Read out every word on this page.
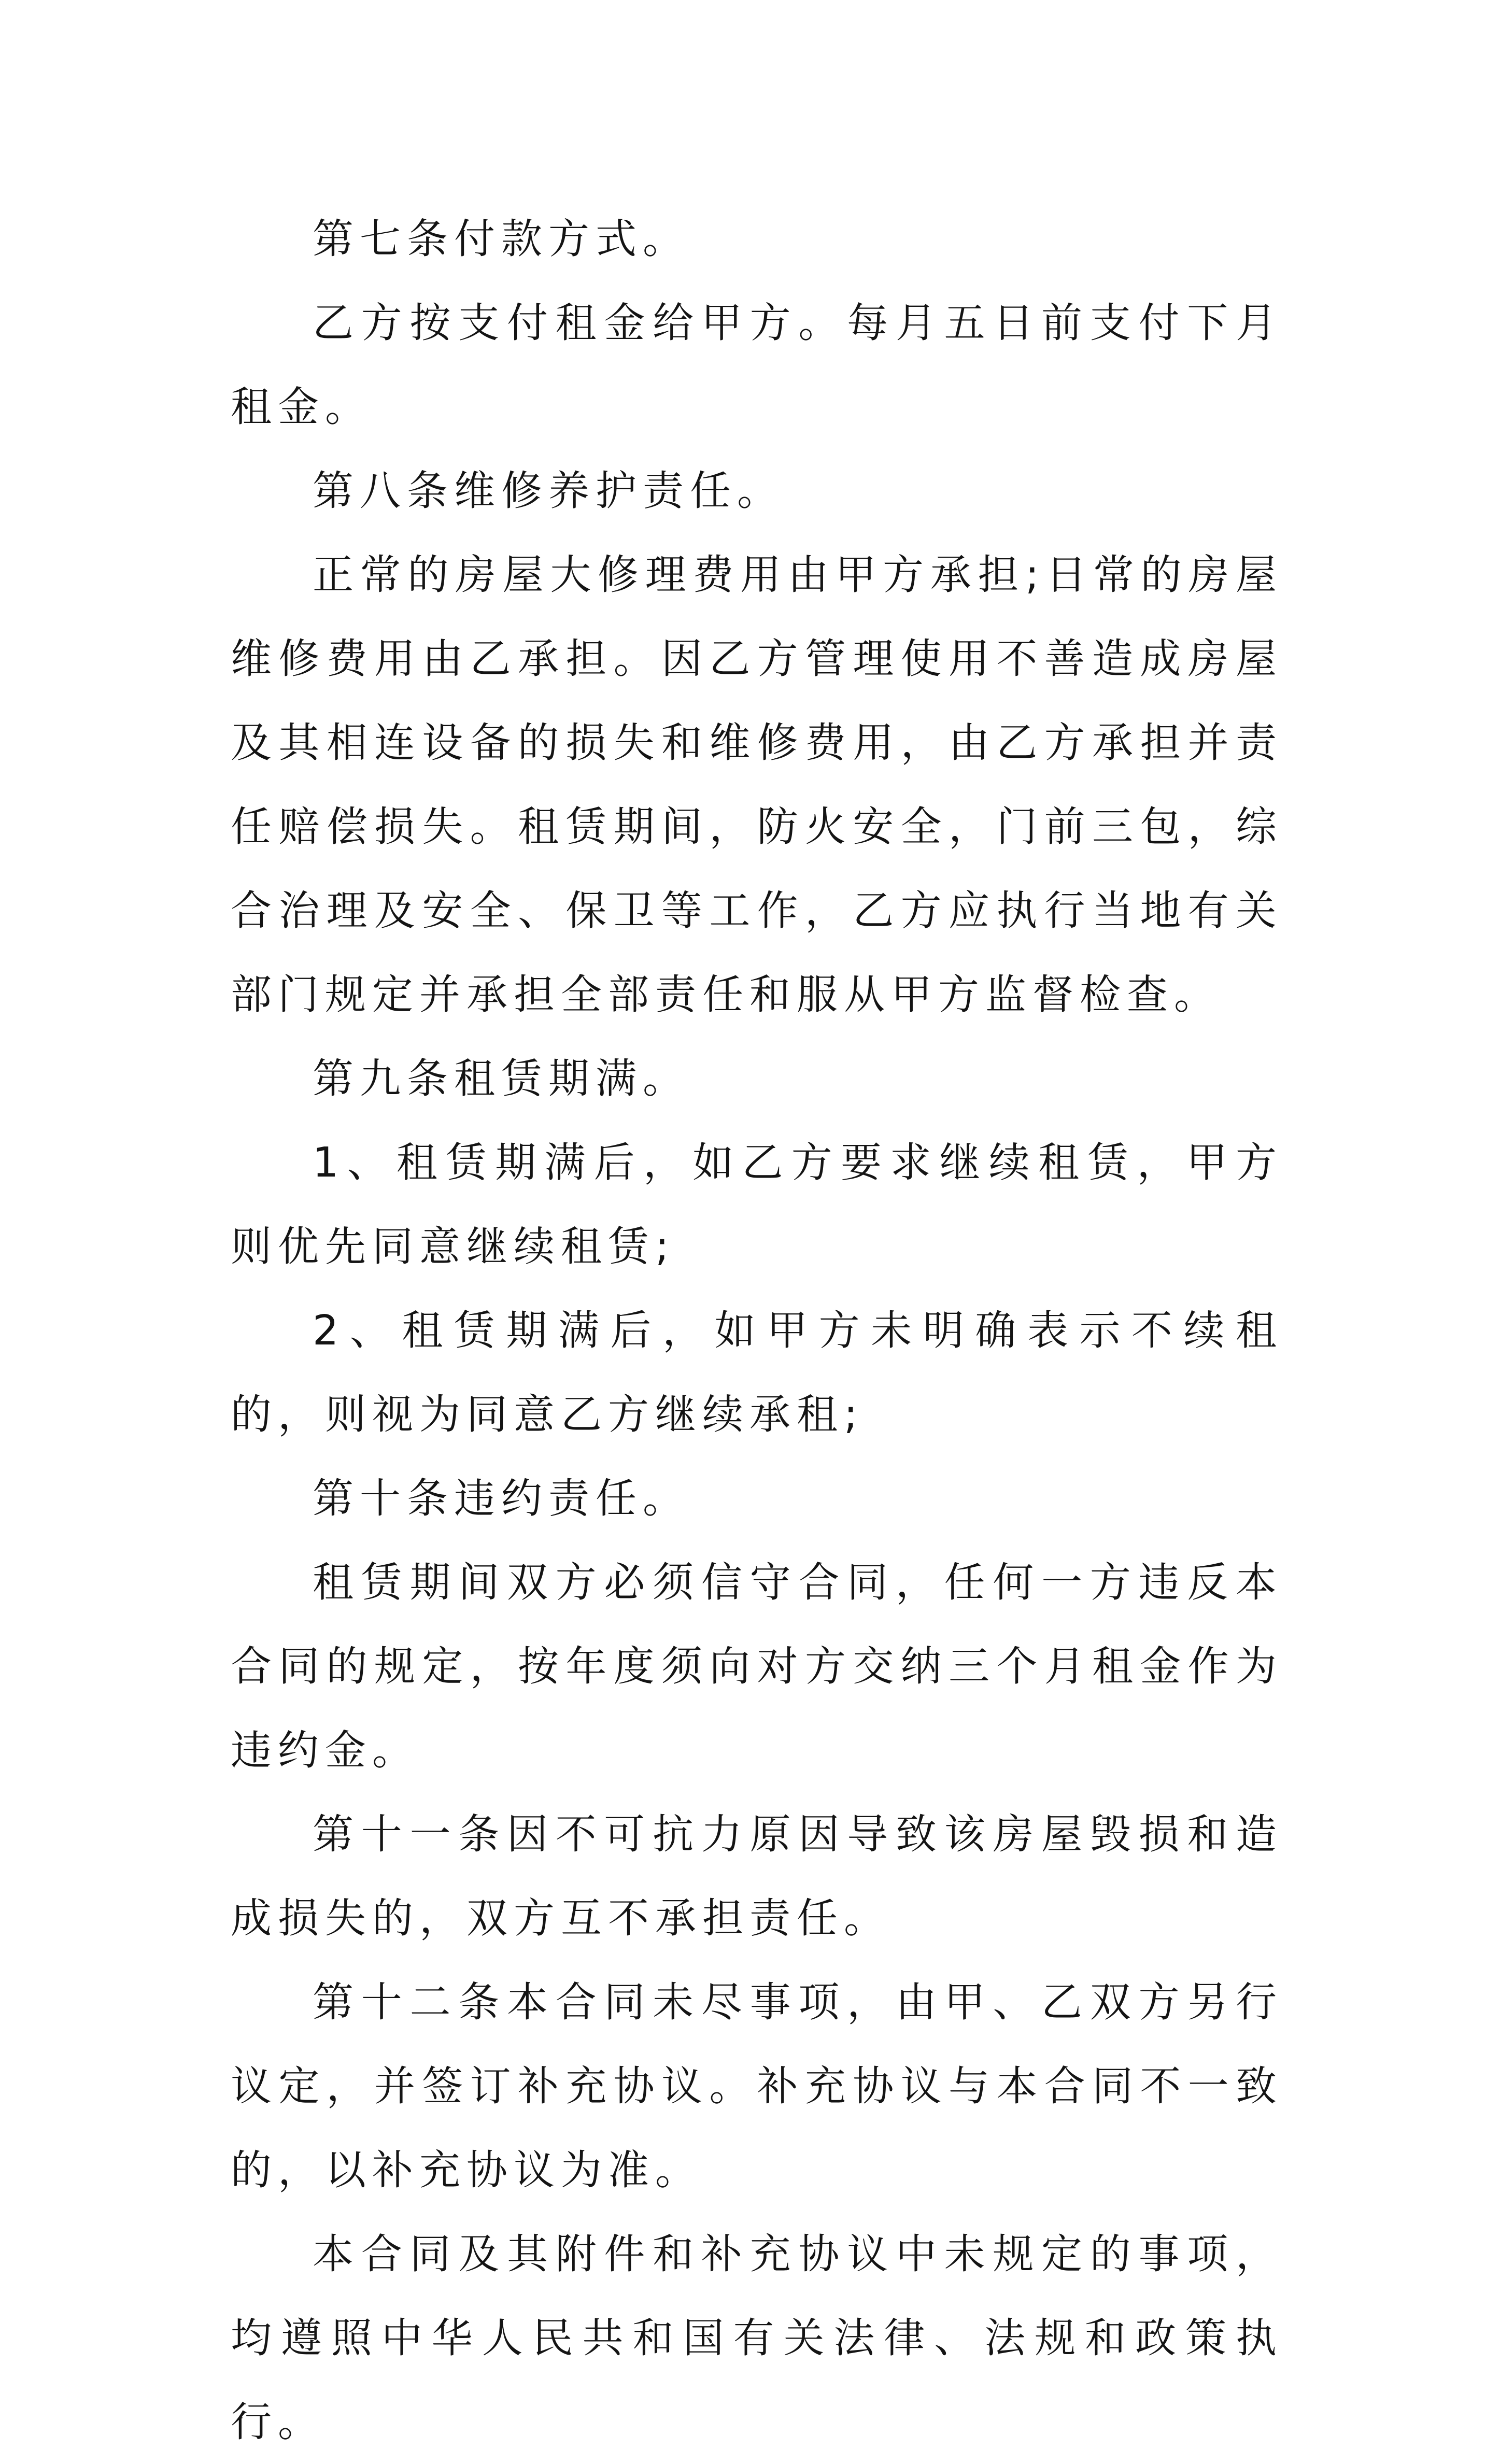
第七条付款方式。

乙方按支付租金给甲方。每月五日前支付下月租金。

第八条维修养护责任。

正常的房屋大修理费用由甲方承担;日常的房屋维修费用由乙承担。因乙方管理使用不善造成房屋及其相连设备的损失和维修费用，由乙方承担并责任赔偿损失。租赁期间，防火安全，门前三包，综合治理及安全、保卫等工作，乙方应执行当地有关部门规定并承担全部责任和服从甲方监督检查。

第九条租赁期满。

1、租赁期满后，如乙方要求继续租赁，甲方则优先同意继续租赁;

2、租赁期满后，如甲方未明确表示不续租的，则视为同意乙方继续承租;

第十条违约责任。

租赁期间双方必须信守合同，任何一方违反本合同的规定，按年度须向对方交纳三个月租金作为违约金。

第十一条因不可抗力原因导致该房屋毁损和造成损失的，双方互不承担责任。

第十二条本合同未尽事项，由甲、乙双方另行议定，并签订补充协议。补充协议与本合同不一致的，以补充协议为准。

本合同及其附件和补充协议中未规定的事项，均遵照中华人民共和国有关法律、法规和政策执行。
